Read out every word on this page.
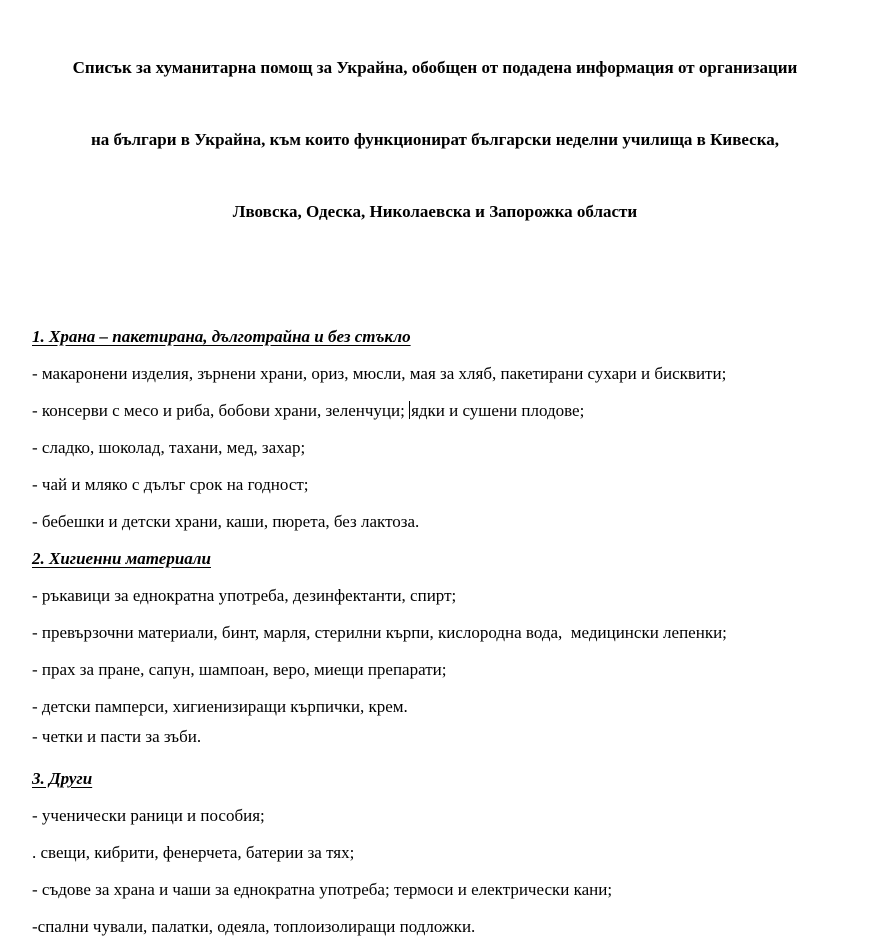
Списък за хуманитарна помощ за Украйна, обобщен от подадена информация от организации

на българи в Украйна, към които функционират български неделни училища в Кивеска,

Лвовска, Одеска, Николаевска и Запорожка области

1. Храна – пакетирана, дълготрайна и без стъкло

- макаронени изделия, зърнени храни, ориз, мюсли, мая за хляб, пакетирани сухари и бисквити;

- консерви с месо и риба, бобови храни, зеленчуци; ядки и сушени плодове;

- сладко, шоколад, тахани, мед, захар;

- чай и мляко с дълъг срок на годност;

- бебешки и детски храни, каши, пюрета, без лактоза.

2. Хигиенни материали

- ръкавици за еднократна употреба, дезинфектанти, спирт;

- превързочни материали, бинт, марля, стерилни кърпи, кислородна вода,  медицински лепенки;

- прах за пране, сапун, шампоан, веро, миещи препарати;

- детски памперси, хигиенизиращи кърпички, крем.

- четки и пасти за зъби.

3. Други

- ученически раници и пособия;

. свещи, кибрити, фенерчета, батерии за тях;

- съдове за храна и чаши за еднократна употреба; термоси и електрически кани;

-спални чували, палатки, одеяла, топлоизолиращи подложки.
